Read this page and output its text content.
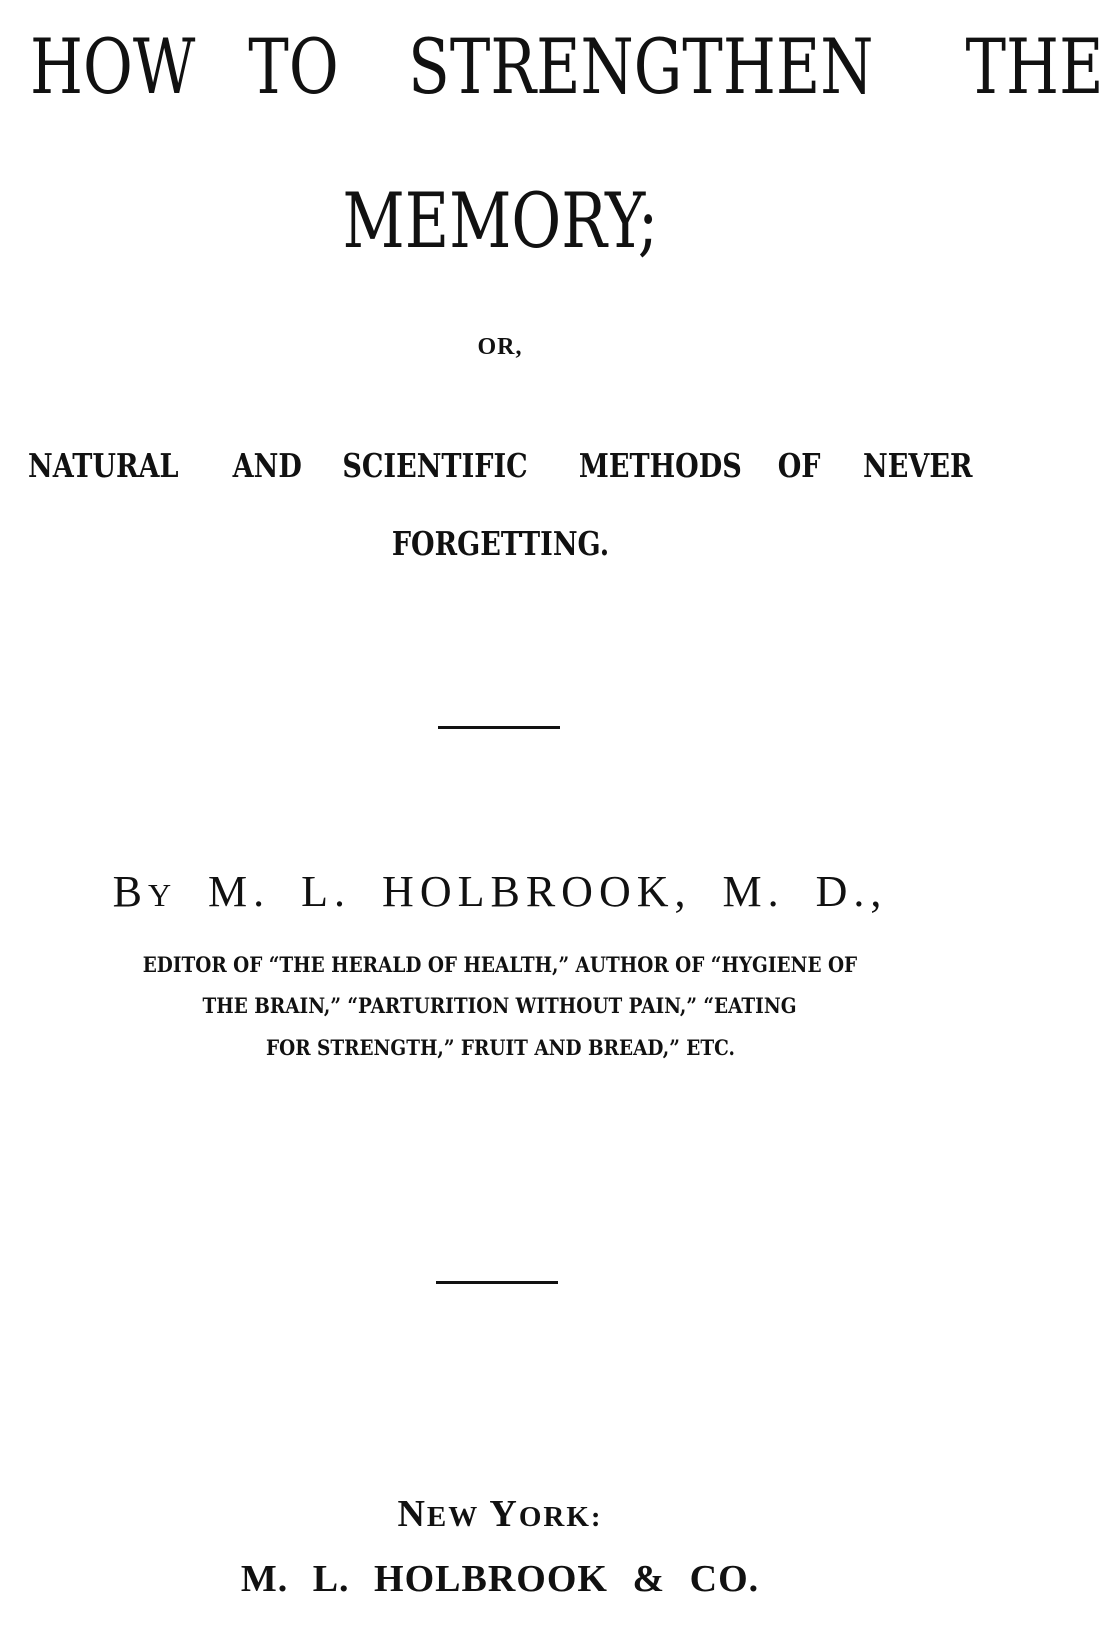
HOW TO STRENGTHEN THE
MEMORY;
OR,
NATURAL AND SCIENTIFIC METHODS OF NEVER
FORGETTING.
BY M. L. HOLBROOK, M. D.,
EDITOR OF “THE HERALD OF HEALTH,” AUTHOR OF “HYGIENE OF
THE BRAIN,” “PARTURITION WITHOUT PAIN,” “EATING
FOR STRENGTH,” FRUIT AND BREAD,” ETC.
NEW YORK:
M. L. HOLBROOK & CO.
